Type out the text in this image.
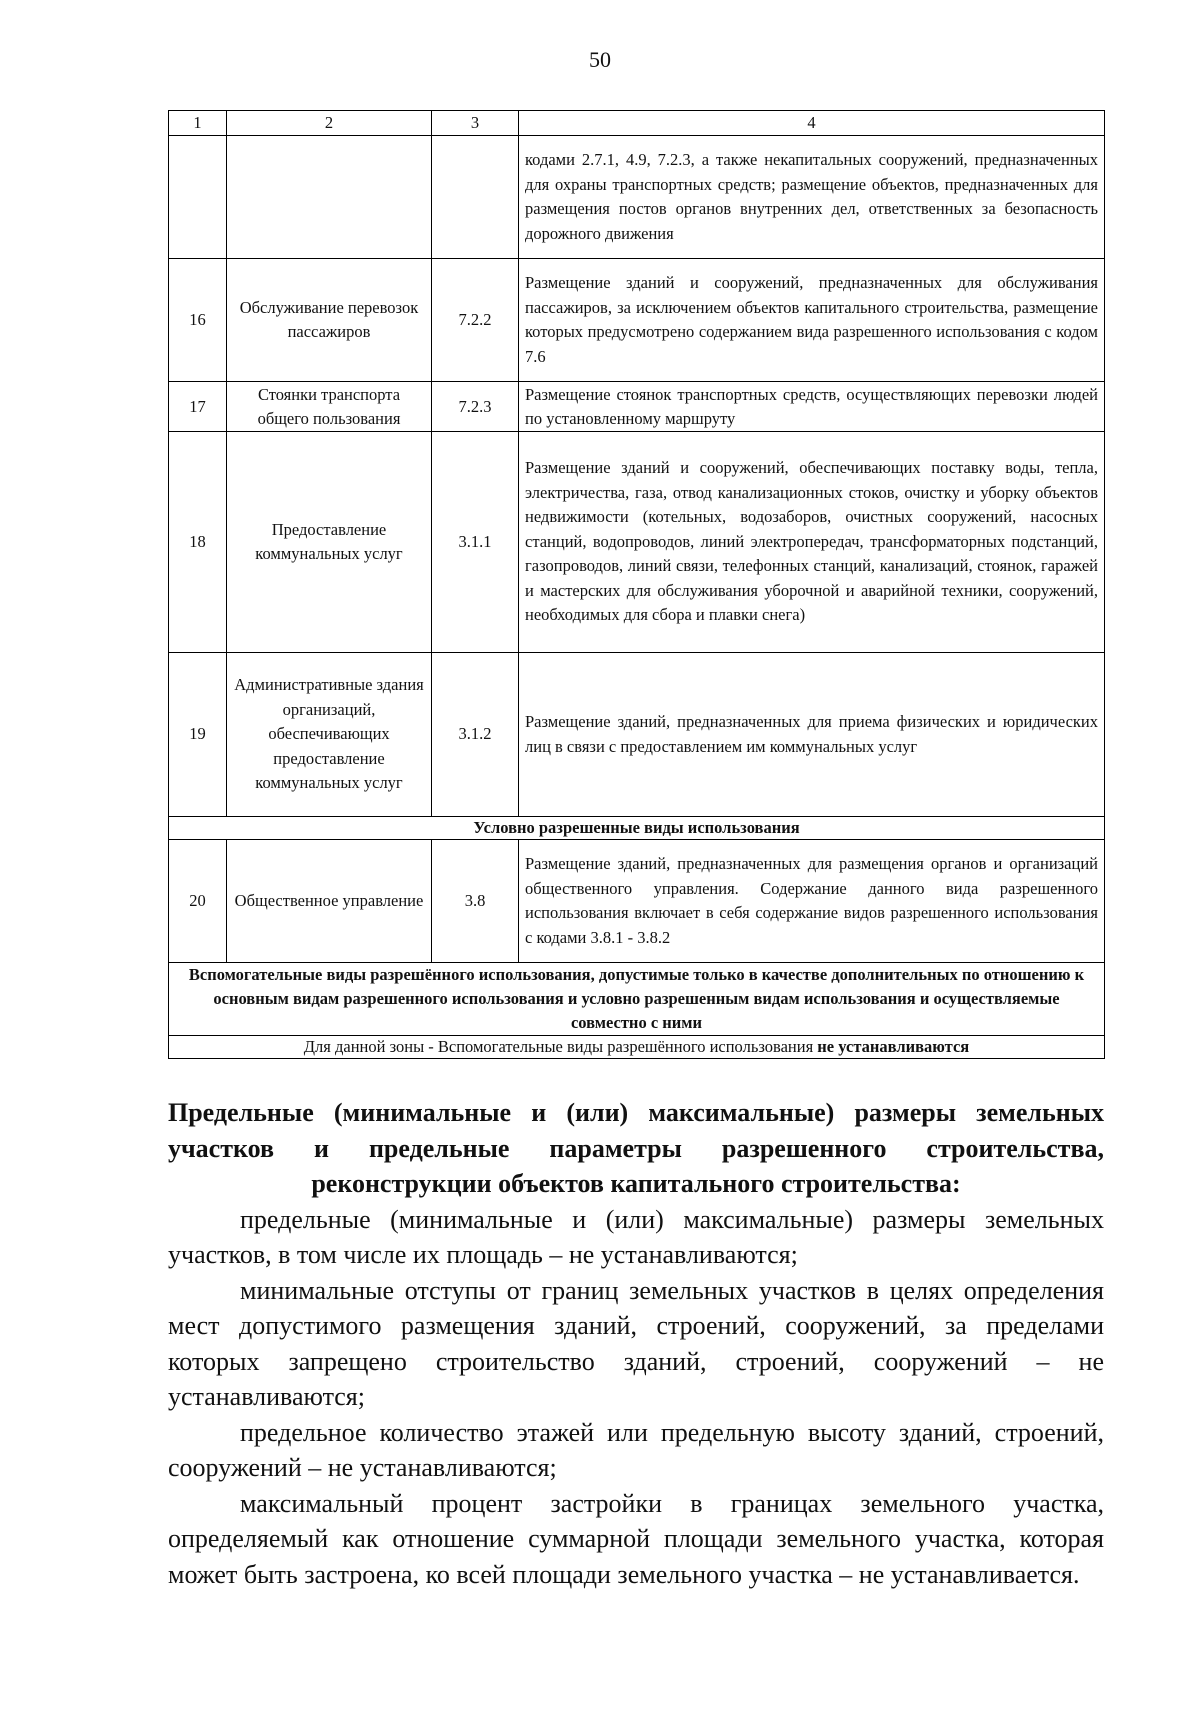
50
1	2	3	4
			кодами 2.7.1, 4.9, 7.2.3, а также некапитальных сооружений, предназначенных для охраны транспортных средств; размещение объектов, предназначенных для размещения постов органов внутренних дел, ответственных за безопасность дорожного движения
16	Обслуживание перевозок пассажиров	7.2.2	Размещение зданий и сооружений, предназначенных для обслуживания пассажиров, за исключением объектов капитального строительства, размещение которых предусмотрено содержанием вида разрешенного использования с кодом 7.6
17	Стоянки транспорта общего пользования	7.2.3	Размещение стоянок транспортных средств, осуществляющих перевозки людей по установленному маршруту
18	Предоставление коммунальных услуг	3.1.1	Размещение зданий и сооружений, обеспечивающих поставку воды, тепла, электричества, газа, отвод канализационных стоков, очистку и уборку объектов недвижимости (котельных, водозаборов, очистных сооружений, насосных станций, водопроводов, линий электропередач, трансформаторных подстанций, газопроводов, линий связи, телефонных станций, канализаций, стоянок, гаражей и мастерских для обслуживания уборочной и аварийной техники, сооружений, необходимых для сбора и плавки снега)
19	Административные здания организаций, обеспечивающих предоставление коммунальных услуг	3.1.2	Размещение зданий, предназначенных для приема физических и юридических лиц в связи с предоставлением им коммунальных услуг
Условно разрешенные виды использования			
20	Общественное управление	3.8	Размещение зданий, предназначенных для размещения органов и организаций общественного управления. Содержание данного вида разрешенного использования включает в себя содержание видов разрешенного использования с кодами 3.8.1 - 3.8.2
Вспомогательные виды разрешённого использования, допустимые только в качестве дополнительных по отношению к основным видам разрешенного использования и условно разрешенным видам использования и осуществляемые совместно с ними			
Для данной зоны - Вспомогательные виды разрешённого использования не устанавливаются			

Предельные (минимальные и (или) максимальные) размеры земельных участков и предельные параметры разрешенного строительства, реконструкции объектов капитального строительства:

предельные (минимальные и (или) максимальные) размеры земельных участков, в том числе их площадь – не устанавливаются;

минимальные отступы от границ земельных участков в целях определения мест допустимого размещения зданий, строений, сооружений, за пределами которых запрещено строительство зданий, строений, сооружений – не устанавливаются;

предельное количество этажей или предельную высоту зданий, строений, сооружений – не устанавливаются;

максимальный процент застройки в границах земельного участка, определяемый как отношение суммарной площади земельного участка, которая может быть застроена, ко всей площади земельного участка – не устанавливается.
